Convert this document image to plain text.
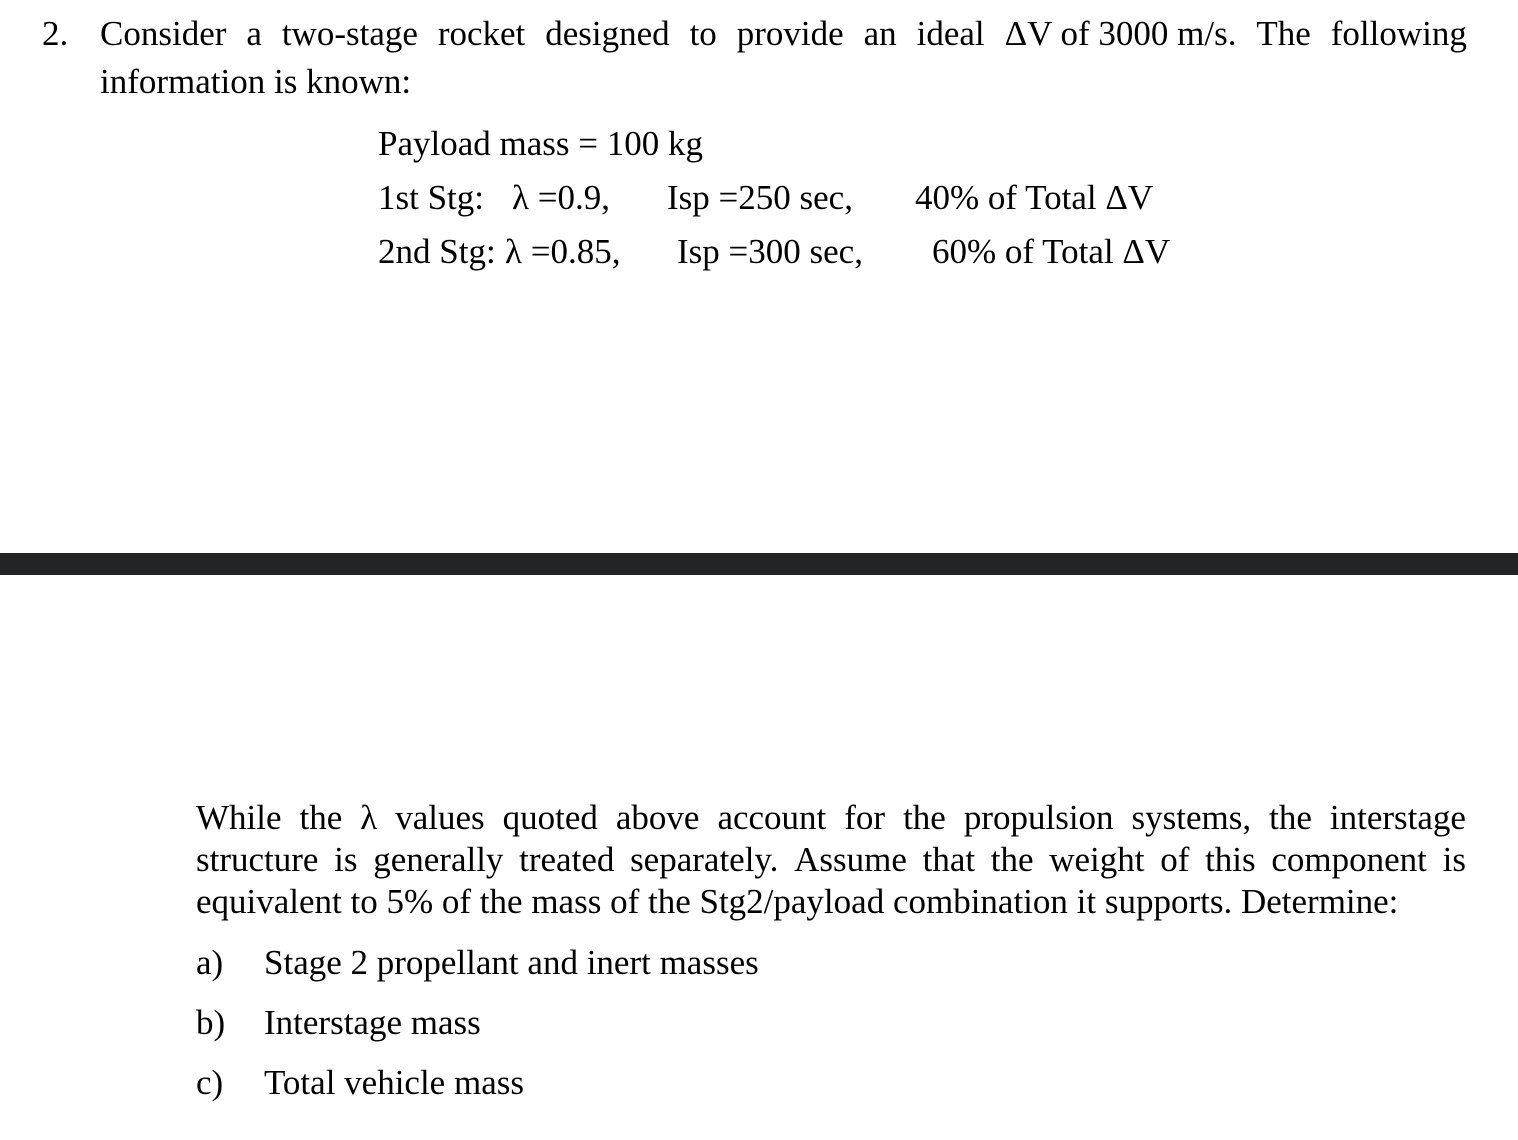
2. Consider a two-stage rocket designed to provide an ideal ΔV of 3000 m/s. The following
information is known:
Payload mass = 100 kg
1st Stg: λ =0.9, Isp =250 sec, 40% of Total ΔV
2nd Stg: λ =0.85, Isp =300 sec, 60% of Total ΔV
While the λ values quoted above account for the propulsion systems, the interstage
structure is generally treated separately. Assume that the weight of this component is
equivalent to 5% of the mass of the Stg2/payload combination it supports. Determine:
a) Stage 2 propellant and inert masses
b) Interstage mass
c) Total vehicle mass
